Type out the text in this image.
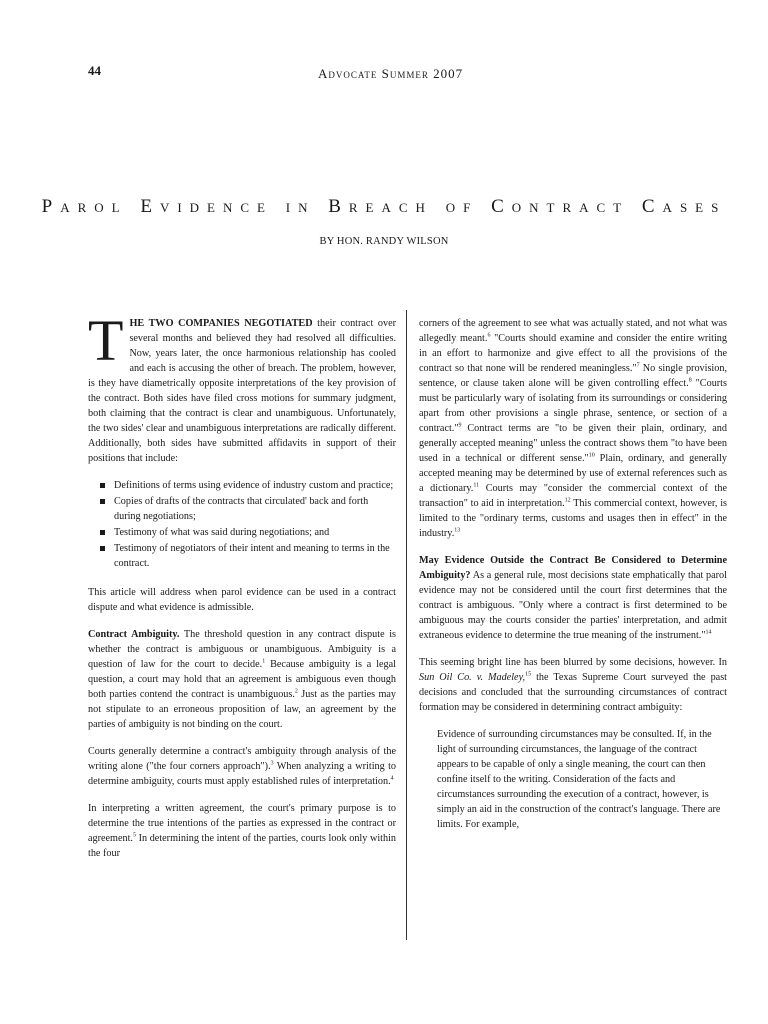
44	Advocate Summer 2007
Parol Evidence in Breach of Contract Cases
BY HON. RANDY WILSON

THE TWO COMPANIES NEGOTIATED their contract over several months and believed they had resolved all difficulties. Now, years later, the once harmonious relationship has cooled and each is accusing the other of breach. The problem, however, is they have diametrically opposite interpretations of the key provision of the contract. Both sides have filed cross motions for summary judgment, both claiming that the contract is clear and unambiguous. Unfortunately, the two sides' clear and unambiguous interpretations are radically different. Additionally, both sides have submitted affidavits in support of their positions that include:

Definitions of terms using evidence of industry custom and practice;
Copies of drafts of the contracts that circulated' back and forth during negotiations;
Testimony of what was said during negotiations; and
Testimony of negotiators of their intent and meaning to terms in the contract.

This article will address when parol evidence can be used in a contract dispute and what evidence is admissible.

Contract Ambiguity. The threshold question in any contract dispute is whether the contract is ambiguous or unambiguous. Ambiguity is a question of law for the court to decide.$^1$ Because ambiguity is a legal question, a court may hold that an agreement is ambiguous even though both parties contend the contract is unambiguous.$^2$ Just as the parties may not stipulate to an erroneous proposition of law, an agreement by the parties of ambiguity is not binding on the court.

Courts generally determine a contract's ambiguity through analysis of the writing alone ("the four corners approach").$^3$ When analyzing a writing to determine ambiguity, courts must apply established rules of interpretation.$^4$

In interpreting a written agreement, the court's primary purpose is to determine the true intentions of the parties as expressed in the contract or agreement.$^5$ In determining the intent of the parties, courts look only within the four

corners of the agreement to see what was actually stated, and not what was allegedly meant.$^6$ "Courts should examine and consider the entire writing in an effort to harmonize and give effect to all the provisions of the contract so that none will be rendered meaningless."$^7$ No single provision, sentence, or clause taken alone will be given controlling effect.$^8$ "Courts must be particularly wary of isolating from its surroundings or considering apart from other provisions a single phrase, sentence, or section of a contract."$^9$ Contract terms are "to be given their plain, ordinary, and generally accepted meaning" unless the contract shows them "to have been used in a technical or different sense."$^{10}$ Plain, ordinary, and generally accepted meaning may be determined by use of external references such as a dictionary.$^{11}$ Courts may "consider the commercial context of the transaction" to aid in interpretation.$^{12}$ This commercial context, however, is limited to the "ordinary terms, customs and usages then in effect" in the industry.$^{13}$

May Evidence Outside the Contract Be Considered to Determine Ambiguity? As a general rule, most decisions state emphatically that parol evidence may not be considered until the court first determines that the contract is ambiguous. "Only where a contract is first determined to be ambiguous may the courts consider the parties' interpretation, and admit extraneous evidence to determine the true meaning of the instrument."$^{14}$

This seeming bright line has been blurred by some decisions, however. In Sun Oil Co. v. Madeley,$^{15}$ the Texas Supreme Court surveyed the past decisions and concluded that the surrounding circumstances of contract formation may be considered in determining contract ambiguity:

Evidence of surrounding circumstances may be consulted. If, in the light of surrounding circumstances, the language of the contract appears to be capable of only a single meaning, the court can then confine itself to the writing. Consideration of the facts and circumstances surrounding the execution of a contract, however, is simply an aid in the construction of the contract's language. There are limits. For example,
